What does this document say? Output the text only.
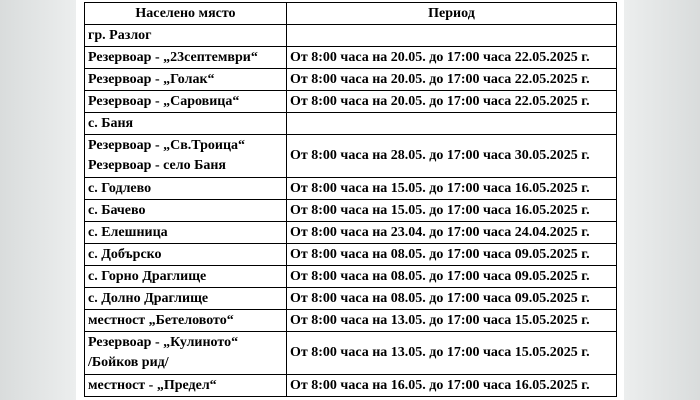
Населено място	Период

гр. Разлог	

Резервоар - „23септември“	От 8:00 часа на 20.05. до 17:00 часа 22.05.2025 г.

Резервоар - „Голак“	От 8:00 часа на 20.05. до 17:00 часа 22.05.2025 г.

Резервоар - „Саровица“	От 8:00 часа на 20.05. до 17:00 часа 22.05.2025 г.

с. Баня	

Резервоар - „Св.Троица“
Резервоар - село Баня	От 8:00 часа на 28.05. до 17:00 часа 30.05.2025 г.

с. Годлево	От 8:00 часа на 15.05. до 17:00 часа 16.05.2025 г.

с. Бачево	От 8:00 часа на 15.05. до 17:00 часа 16.05.2025 г.

с. Елешница	От 8:00 часа на 23.04. до 17:00 часа 24.04.2025 г.

с. Добърско	От 8:00 часа на 08.05. до 17:00 часа 09.05.2025 г.

с. Горно Драглище	От 8:00 часа на 08.05. до 17:00 часа 09.05.2025 г.

с. Долно Драглище	От 8:00 часа на 08.05. до 17:00 часа 09.05.2025 г.

местност „Бетеловото“	От 8:00 часа на 13.05. до 17:00 часа 15.05.2025 г.

Резервоар - „Кулиното“
/Бойков рид/	От 8:00 часа на 13.05. до 17:00 часа 15.05.2025 г.

местност - „Предел“	От 8:00 часа на 16.05. до 17:00 часа 16.05.2025 г.
